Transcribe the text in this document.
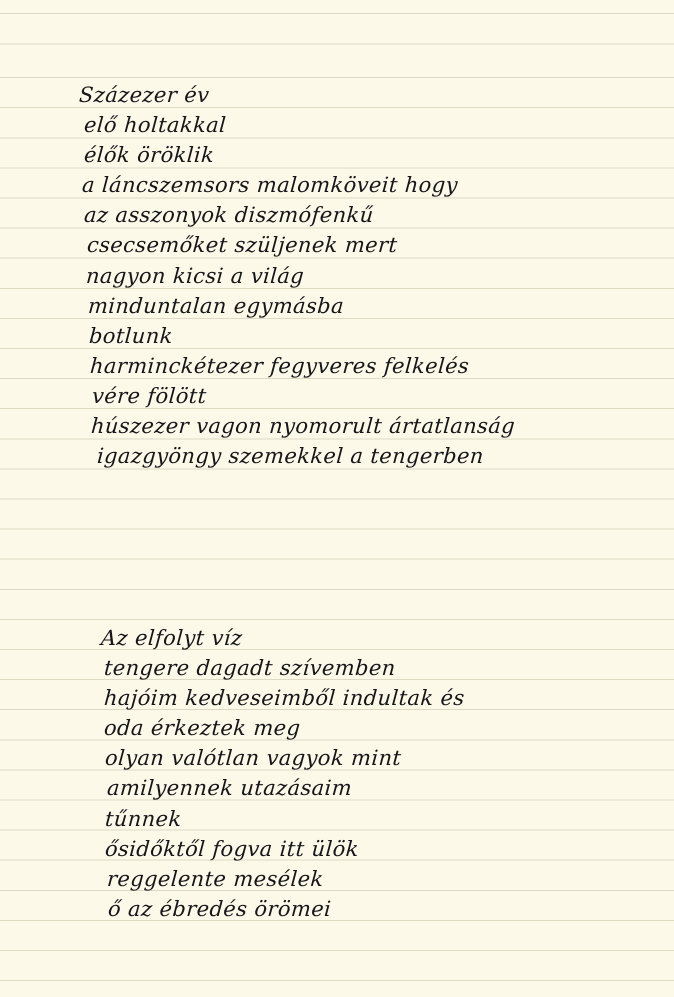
Százezer év
elő holtakkal
élők öröklik
a láncszemsors malomköveit hogy
az asszonyok diszmófenkű
csecsemőket szüljenek mert
nagyon kicsi a világ
minduntalan egymásba
botlunk
harminckétezer fegyveres felkelés
vére fölött
húszezer vagon nyomorult ártatlanság
igazgyöngy szemekkel a tengerben
Az elfolyt víz
tengere dagadt szívemben
hajóim kedveseimből indultak és
oda érkeztek meg
olyan valótlan vagyok mint
amilyennek utazásaim
tűnnek
ősidőktől fogva itt ülök
reggelente mesélek
ő az ébredés örömei
